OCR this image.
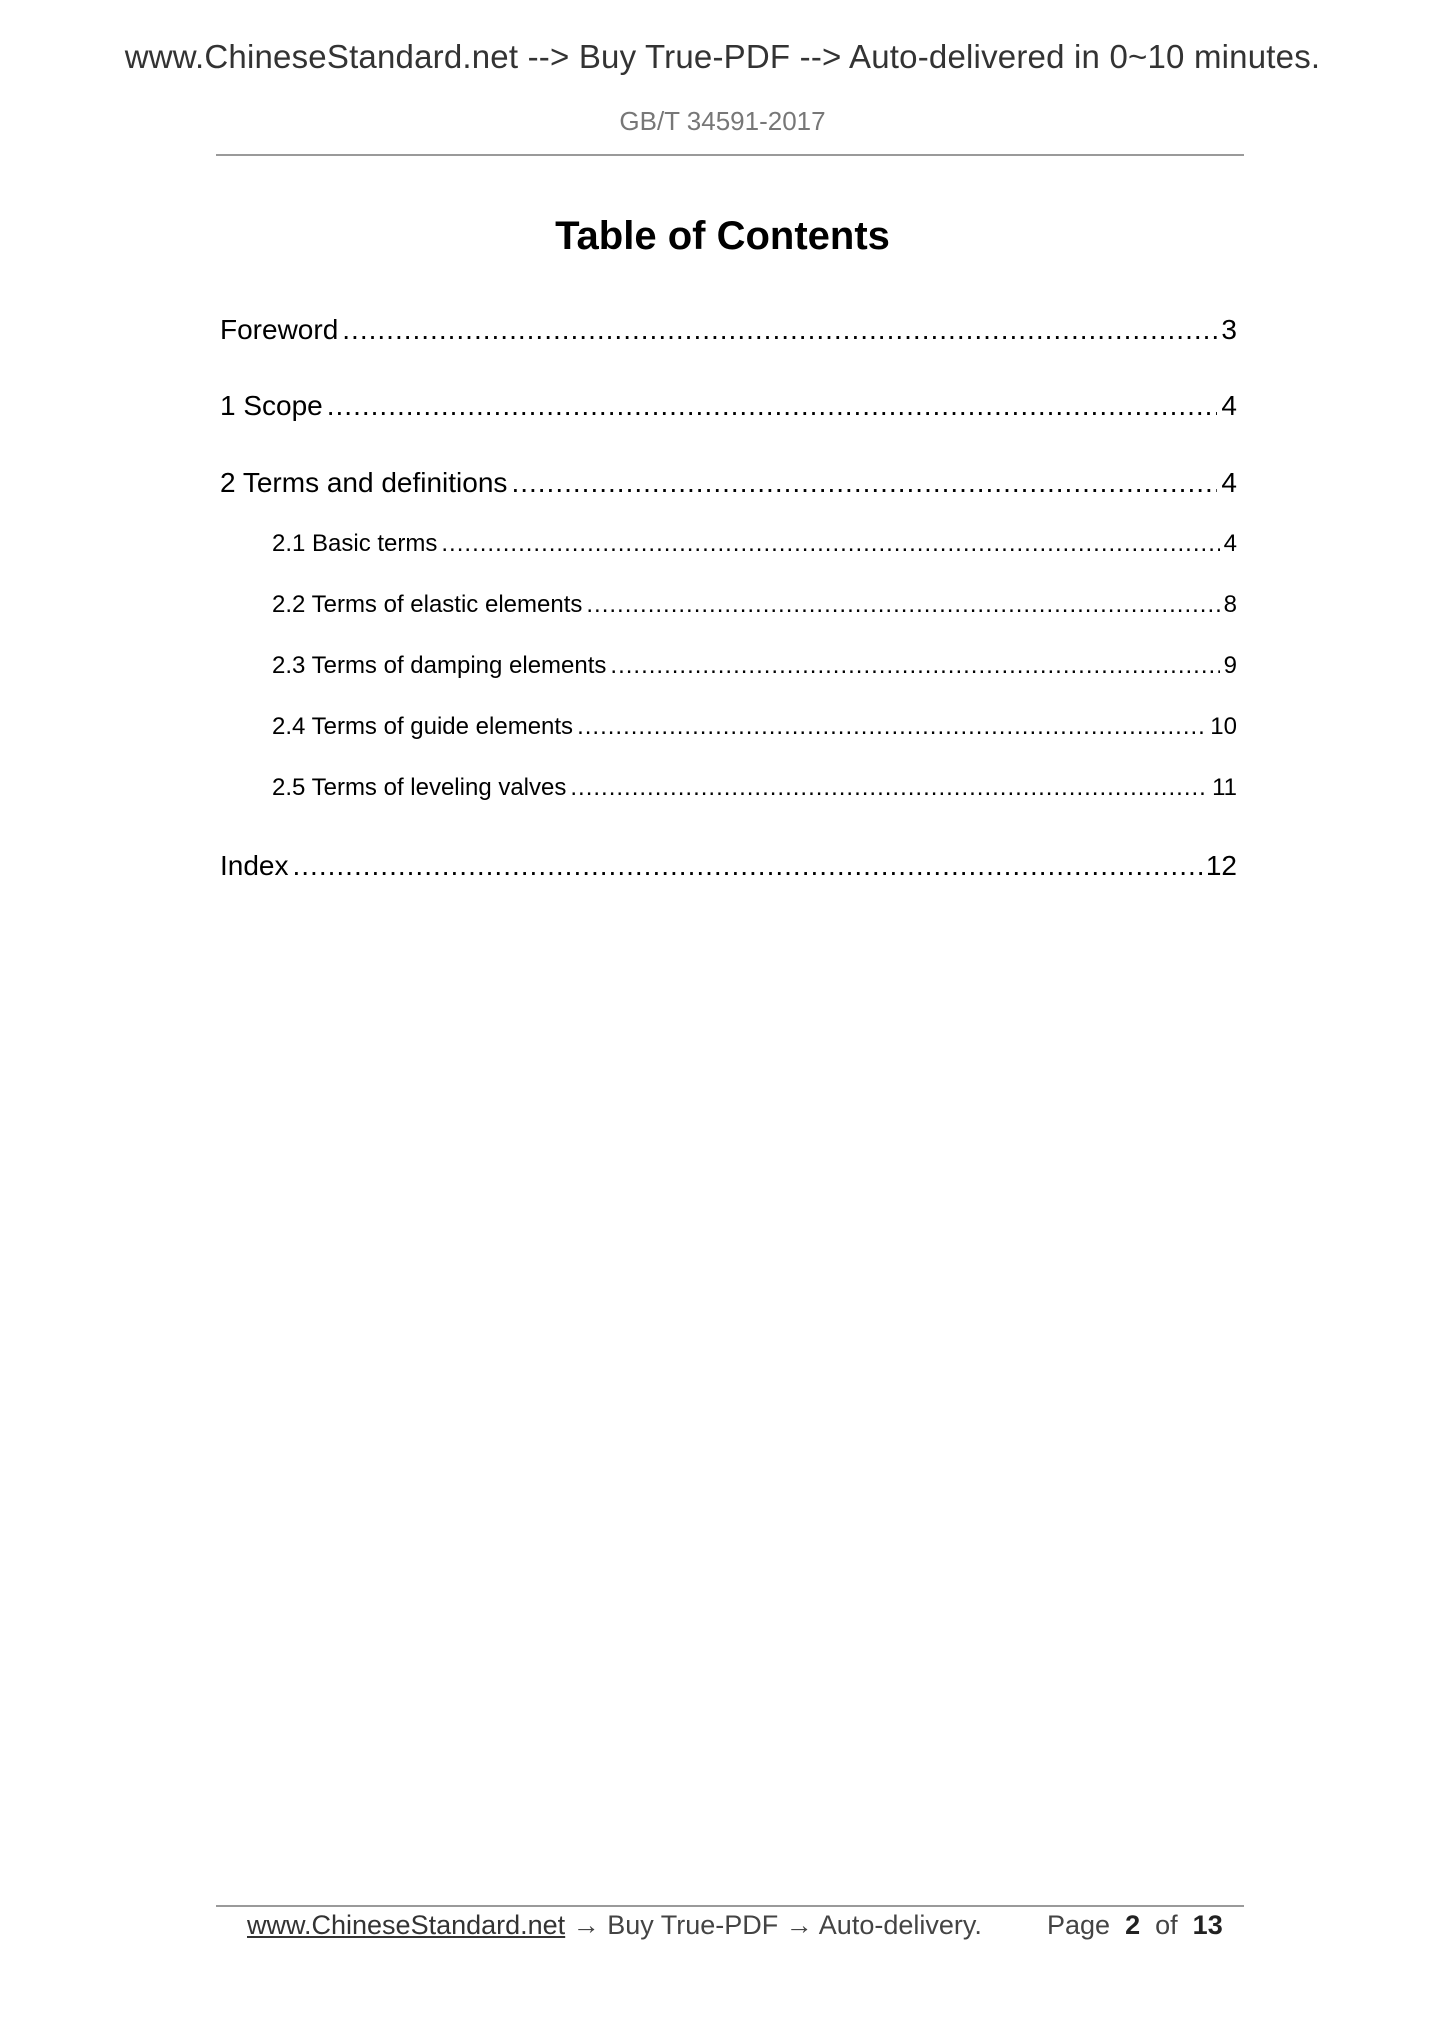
www.ChineseStandard.net --> Buy True-PDF --> Auto-delivered in 0~10 minutes.
GB/T 34591-2017
Table of Contents
Foreword .....	3
1 Scope .....	4
2 Terms and definitions .....	4
2.1 Basic terms .....	4
2.2 Terms of elastic elements .....	8
2.3 Terms of damping elements .....	9
2.4 Terms of guide elements .....	10
2.5 Terms of leveling valves .....	11
Index .....	12
www.ChineseStandard.net → Buy True-PDF → Auto-delivery. Page 2 of 13
